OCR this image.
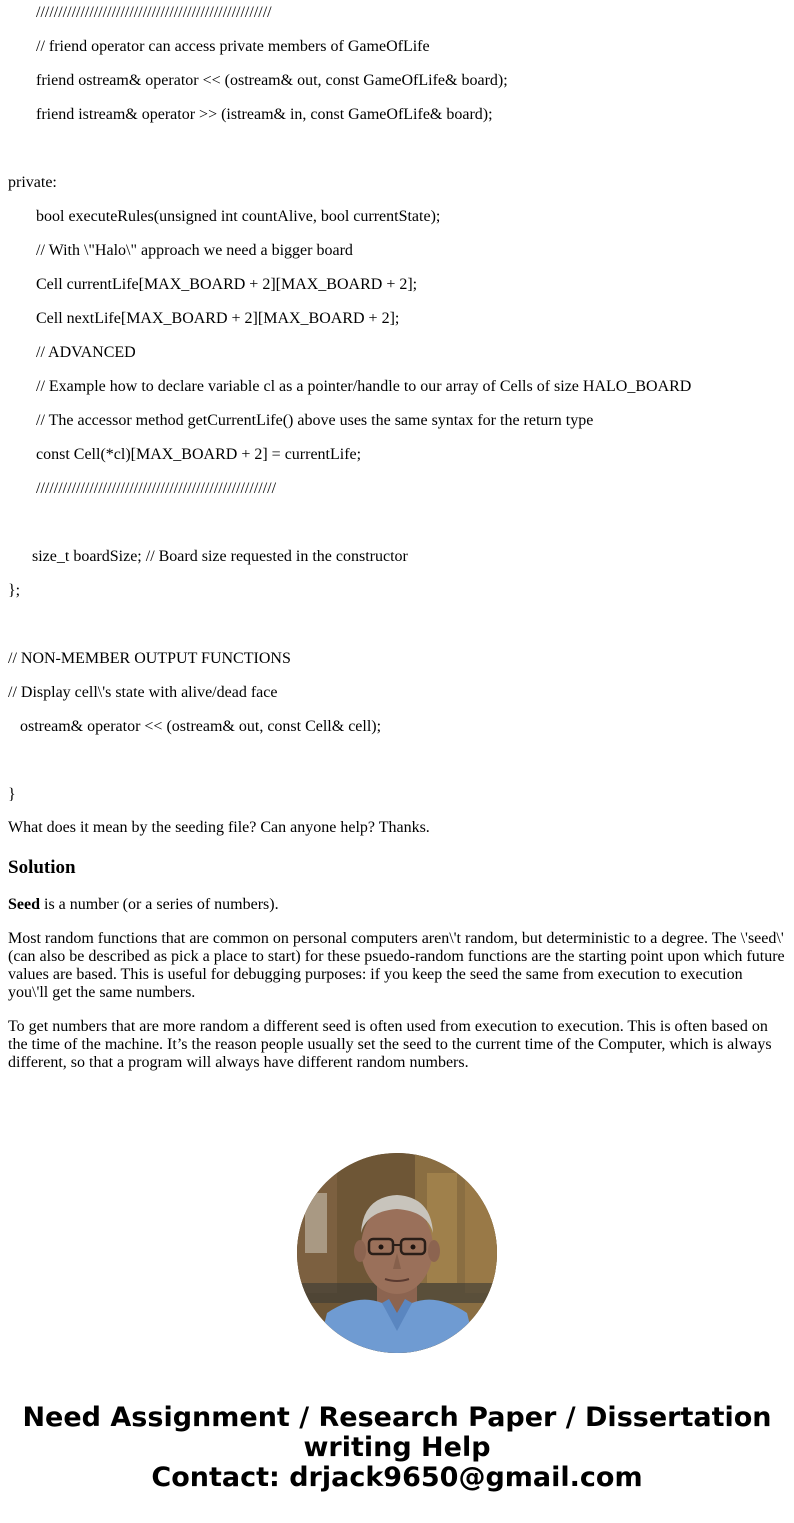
/////////////////////////////////////////////////////
// friend operator can access private members of GameOfLife
friend ostream& operator << (ostream& out, const GameOfLife& board);
friend istream& operator >> (istream& in, const GameOfLife& board);
private:
bool executeRules(unsigned int countAlive, bool currentState);
// With \"Halo\" approach we need a bigger board
Cell currentLife[MAX_BOARD + 2][MAX_BOARD + 2];
Cell nextLife[MAX_BOARD + 2][MAX_BOARD + 2];
// ADVANCED
// Example how to declare variable cl as a pointer/handle to our array of Cells of size HALO_BOARD
// The accessor method getCurrentLife() above uses the same syntax for the return type
const Cell(*cl)[MAX_BOARD + 2] = currentLife;
//////////////////////////////////////////////////////
size_t boardSize; // Board size requested in the constructor
};
// NON-MEMBER OUTPUT FUNCTIONS
// Display cell\'s state with alive/dead face
ostream& operator << (ostream& out, const Cell& cell);
}
What does it mean by the seeding file? Can anyone help? Thanks.
Solution

Seed is a number (or a series of numbers).

Most random functions that are common on personal computers aren\'t random, but deterministic to a degree. The \'seed\' (can also be described as pick a place to start) for these psuedo-random functions are the starting point upon which future values are based. This is useful for debugging purposes: if you keep the seed the same from execution to execution you\'ll get the same numbers.

To get numbers that are more random a different seed is often used from execution to execution. This is often based on the time of the machine. It’s the reason people usually set the seed to the current time of the Computer, which is always different, so that a program will always have different random numbers.

Need Assignment / Research Paper / Dissertation
writing Help
Contact: drjack9650@gmail.com
